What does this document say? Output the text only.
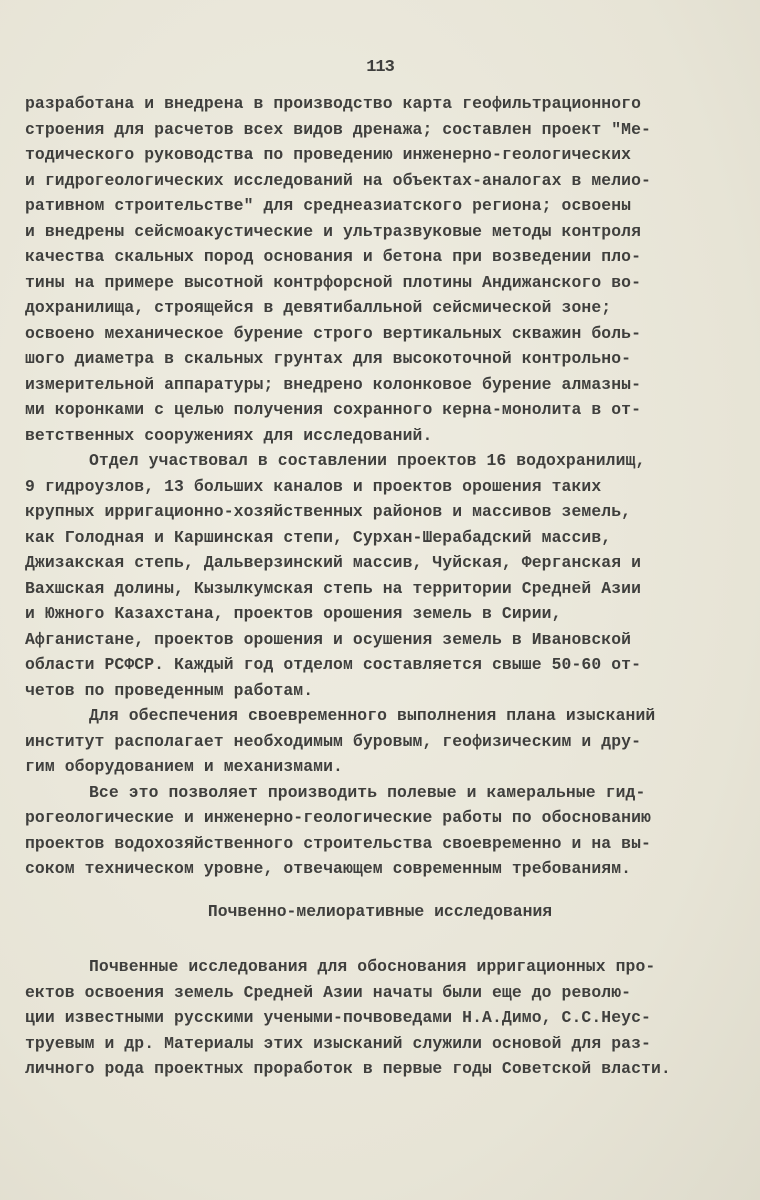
113
разработана и внедрена в производство карта геофильтрационного
строения для расчетов всех видов дренажа; составлен проект "Ме-
тодического руководства по проведению инженерно-геологических
и гидрогеологических исследований на объектах-аналогах в мелио-
ративном строительстве" для среднеазиатского региона; освоены
и внедрены сейсмоакустические и ультразвуковые методы контроля
качества скальных пород основания и бетона при возведении пло-
тины на примере высотной контрфорсной плотины Андижанского во-
дохранилища, строящейся в девятибалльной сейсмической зоне;
освоено механическое бурение строго вертикальных скважин боль-
шого диаметра в скальных грунтах для высокоточной контрольно-
измерительной аппаратуры; внедрено колонковое бурение алмазны-
ми коронками с целью получения сохранного керна-монолита в от-
ветственных сооружениях для исследований.
Отдел участвовал в составлении проектов 16 водохранилищ,
9 гидроузлов, 13 больших каналов и проектов орошения таких
крупных ирригационно-хозяйственных районов и массивов земель,
как Голодная и Каршинская степи, Сурхан-Шерабадский массив,
Джизакская степь, Дальверзинский массив, Чуйская, Ферганская и
Вахшская долины, Кызылкумская степь на территории Средней Азии
и Южного Казахстана, проектов орошения земель в Сирии,
Афганистане, проектов орошения и осушения земель в Ивановской
области РСФСР. Каждый год отделом составляется свыше 50-60 от-
четов по проведенным работам.
Для обеспечения своевременного выполнения плана изысканий
институт располагает необходимым буровым, геофизическим и дру-
гим оборудованием и механизмами.
Все это позволяет производить полевые и камеральные гид-
рогеологические и инженерно-геологические работы по обоснованию
проектов водохозяйственного строительства своевременно и на вы-
соком техническом уровне, отвечающем современным требованиям.
Почвенно-мелиоративные исследования
Почвенные исследования для обоснования ирригационных про-
ектов освоения земель Средней Азии начаты были еще до револю-
ции известными русскими учеными-почвоведами Н.А.Димо, С.С.Неус-
труевым и др. Материалы этих изысканий служили основой для раз-
личного рода проектных проработок в первые годы Советской власти.
